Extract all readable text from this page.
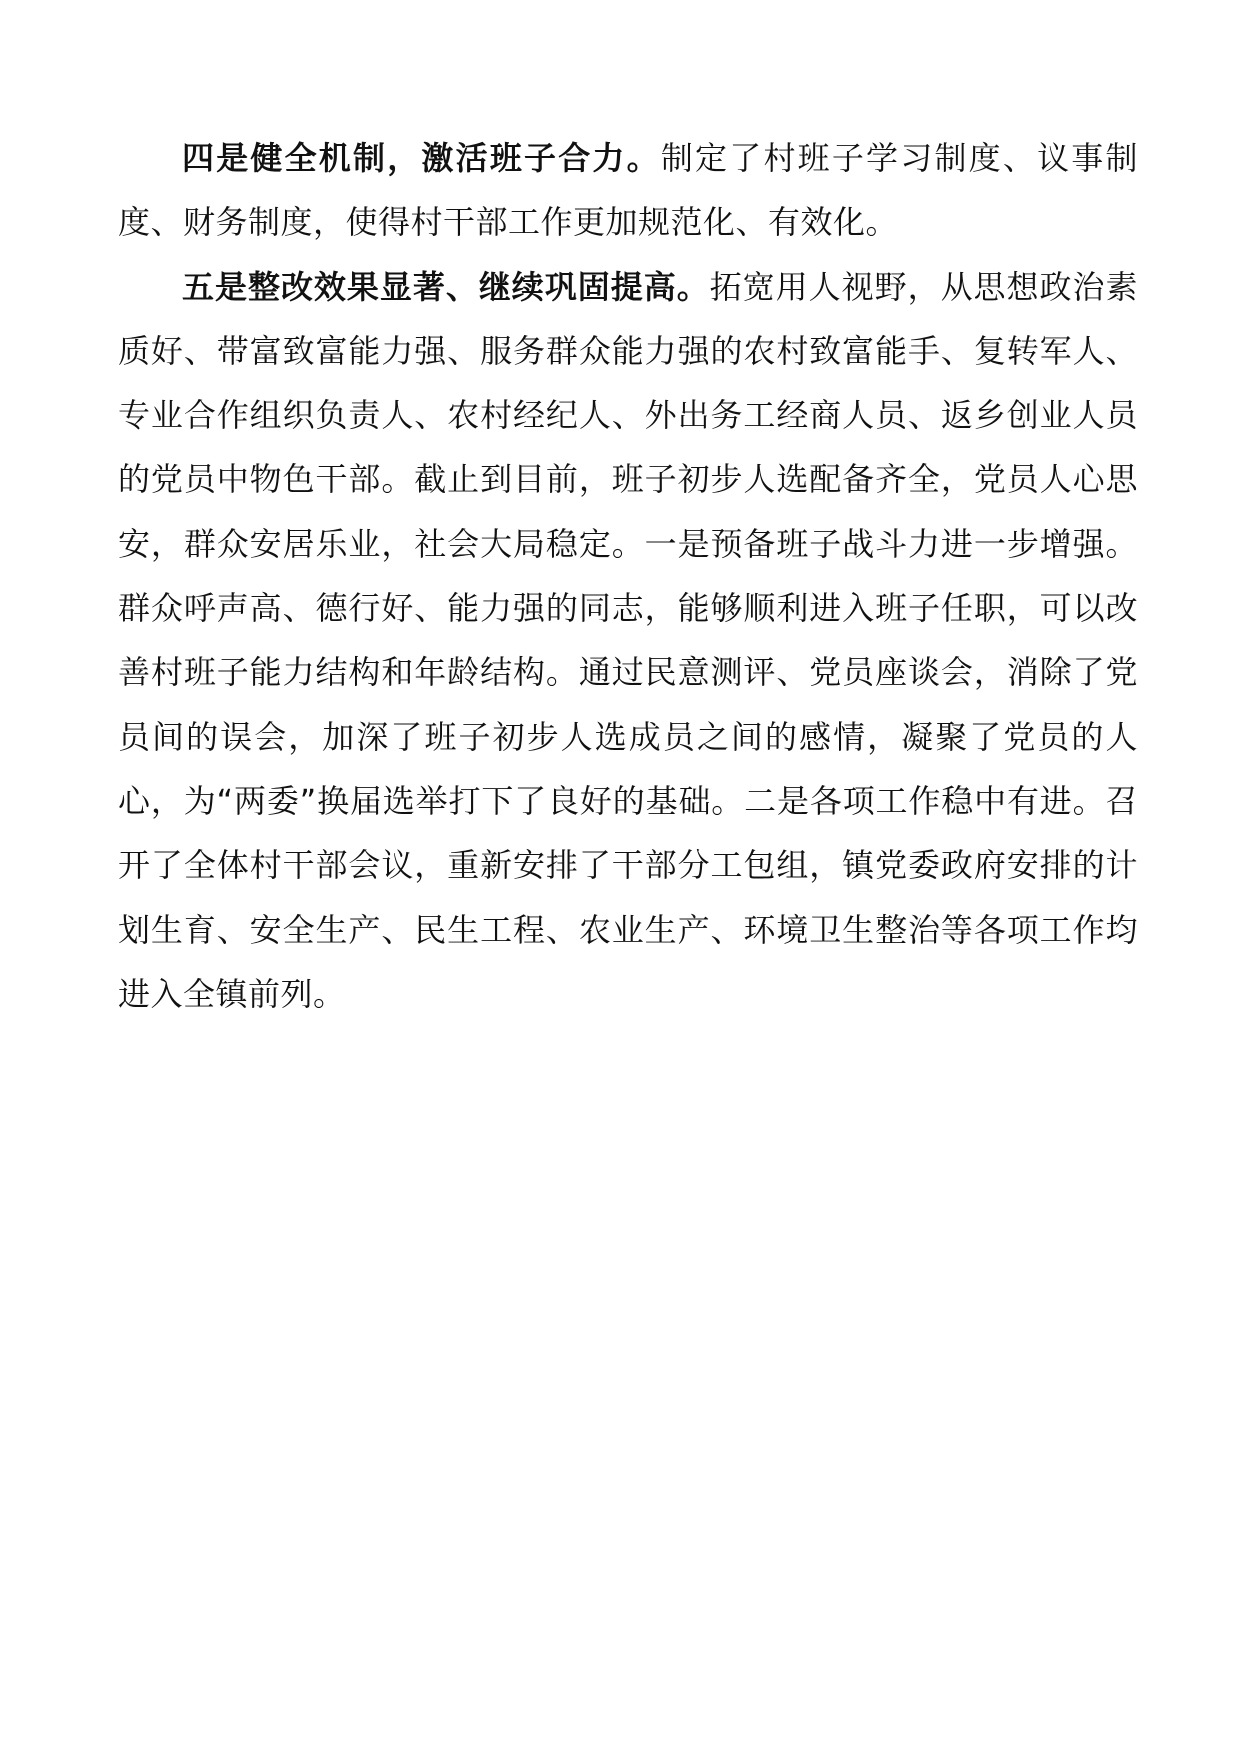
四是健全机制，激活班子合力。制定了村班子学习制度、议事制度、财务制度，使得村干部工作更加规范化、有效化。

五是整改效果显著、继续巩固提高。拓宽用人视野，从思想政治素质好、带富致富能力强、服务群众能力强的农村致富能手、复转军人、专业合作组织负责人、农村经纪人、外出务工经商人员、返乡创业人员的党员中物色干部。截止到目前，班子初步人选配备齐全，党员人心思安，群众安居乐业，社会大局稳定。一是预备班子战斗力进一步增强。群众呼声高、德行好、能力强的同志，能够顺利进入班子任职，可以改善村班子能力结构和年龄结构。通过民意测评、党员座谈会，消除了党员间的误会，加深了班子初步人选成员之间的感情，凝聚了党员的人心，为“两委”换届选举打下了良好的基础。二是各项工作稳中有进。召开了全体村干部会议，重新安排了干部分工包组，镇党委政府安排的计划生育、安全生产、民生工程、农业生产、环境卫生整治等各项工作均进入全镇前列。
